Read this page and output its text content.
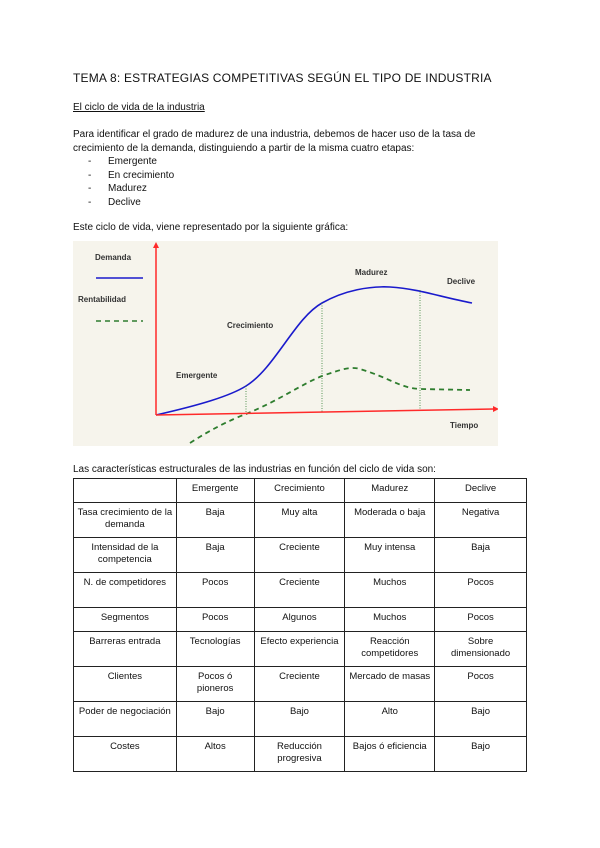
TEMA 8: ESTRATEGIAS COMPETITIVAS SEGÚN EL TIPO DE INDUSTRIA
El ciclo de vida de la industria
Para identificar el grado de madurez de una industria, debemos de hacer uso de la tasa de crecimiento de la demanda, distinguiendo a partir de la misma cuatro etapas:
- Emergente
- En crecimiento
- Madurez
- Declive
Este ciclo de vida, viene representado por la siguiente gráfica:
Demanda
Rentabilidad
Emergente
Crecimiento
Madurez
Declive
Tiempo
Las características estructurales de las industrias en función del ciclo de vida son:
	Emergente	Crecimiento	Madurez	Declive
Tasa crecimiento de la demanda	Baja	Muy alta	Moderada o baja	Negativa
Intensidad de la competencia	Baja	Creciente	Muy intensa	Baja
N. de competidores	Pocos	Creciente	Muchos	Pocos
Segmentos	Pocos	Algunos	Muchos	Pocos
Barreras entrada	Tecnologías	Efecto experiencia	Reacción competidores	Sobre dimensionado
Clientes	Pocos ó pioneros	Creciente	Mercado de masas	Pocos
Poder de negociación	Bajo	Bajo	Alto	Bajo
Costes	Altos	Reducción progresiva	Bajos ó eficiencia	Bajo
